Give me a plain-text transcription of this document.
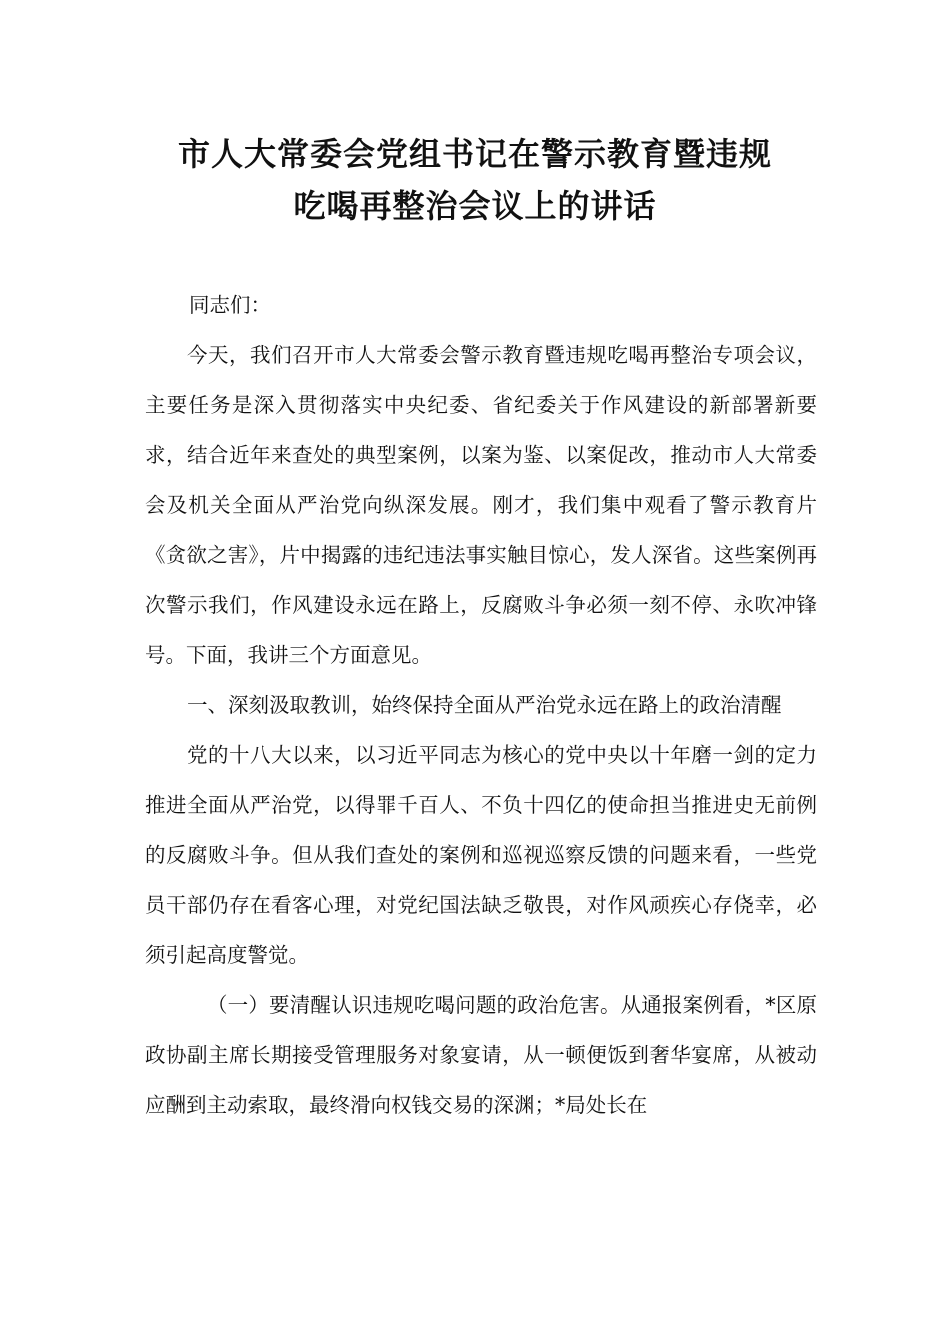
市人大常委会党组书记在警示教育暨违规
吃喝再整治会议上的讲话

同志们：

今天，我们召开市人大常委会警示教育暨违规吃喝再整治专项会议，主要任务是深入贯彻落实中央纪委、省纪委关于作风建设的新部署新要求，结合近年来查处的典型案例，以案为鉴、以案促改，推动市人大常委会及机关全面从严治党向纵深发展。刚才，我们集中观看了警示教育片《贪欲之害》，片中揭露的违纪违法事实触目惊心，发人深省。这些案例再次警示我们，作风建设永远在路上，反腐败斗争必须一刻不停、永吹冲锋号。下面，我讲三个方面意见。

一、深刻汲取教训，始终保持全面从严治党永远在路上的政治清醒

党的十八大以来，以习近平同志为核心的党中央以十年磨一剑的定力推进全面从严治党，以得罪千百人、不负十四亿的使命担当推进史无前例的反腐败斗争。但从我们查处的案例和巡视巡察反馈的问题来看，一些党员干部仍存在看客心理，对党纪国法缺乏敬畏，对作风顽疾心存侥幸，必须引起高度警觉。

（一）要清醒认识违规吃喝问题的政治危害。从通报案例看，*区原政协副主席长期接受管理服务对象宴请，从一顿便饭到奢华宴席，从被动应酬到主动索取，最终滑向权钱交易的深渊；*局处长在
